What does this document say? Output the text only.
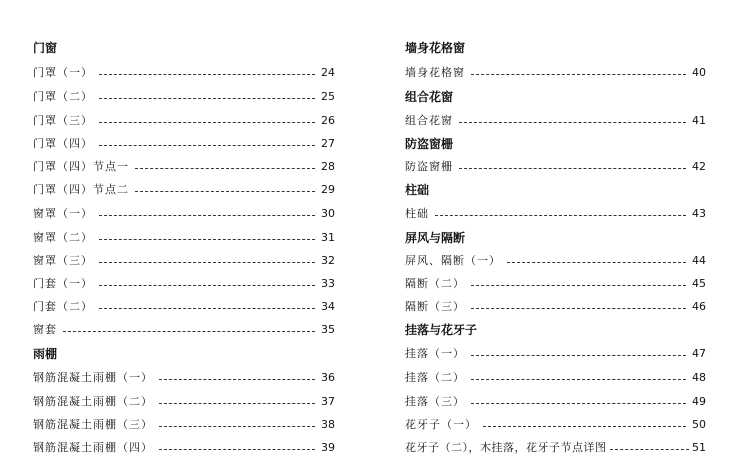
门窗
门罩（一）	24
门罩（二）	25
门罩（三）	26
门罩（四）	27
门罩（四）节点一	28
门罩（四）节点二	29
窗罩（一）	30
窗罩（二）	31
窗罩（三）	32
门套（一）	33
门套（二）	34
窗套	35
雨棚
钢筋混凝土雨棚（一）	36
钢筋混凝土雨棚（二）	37
钢筋混凝土雨棚（三）	38
钢筋混凝土雨棚（四）	39
墙身花格窗
墙身花格窗	40
组合花窗
组合花窗	41
防盗窗栅
防盗窗栅	42
柱础
柱础	43
屏风与隔断
屏风、隔断（一）	44
隔断（二）	45
隔断（三）	46
挂落与花牙子
挂落（一）	47
挂落（二）	48
挂落（三）	49
花牙子（一）	50
花牙子（二），木挂落，花牙子节点详图	51
